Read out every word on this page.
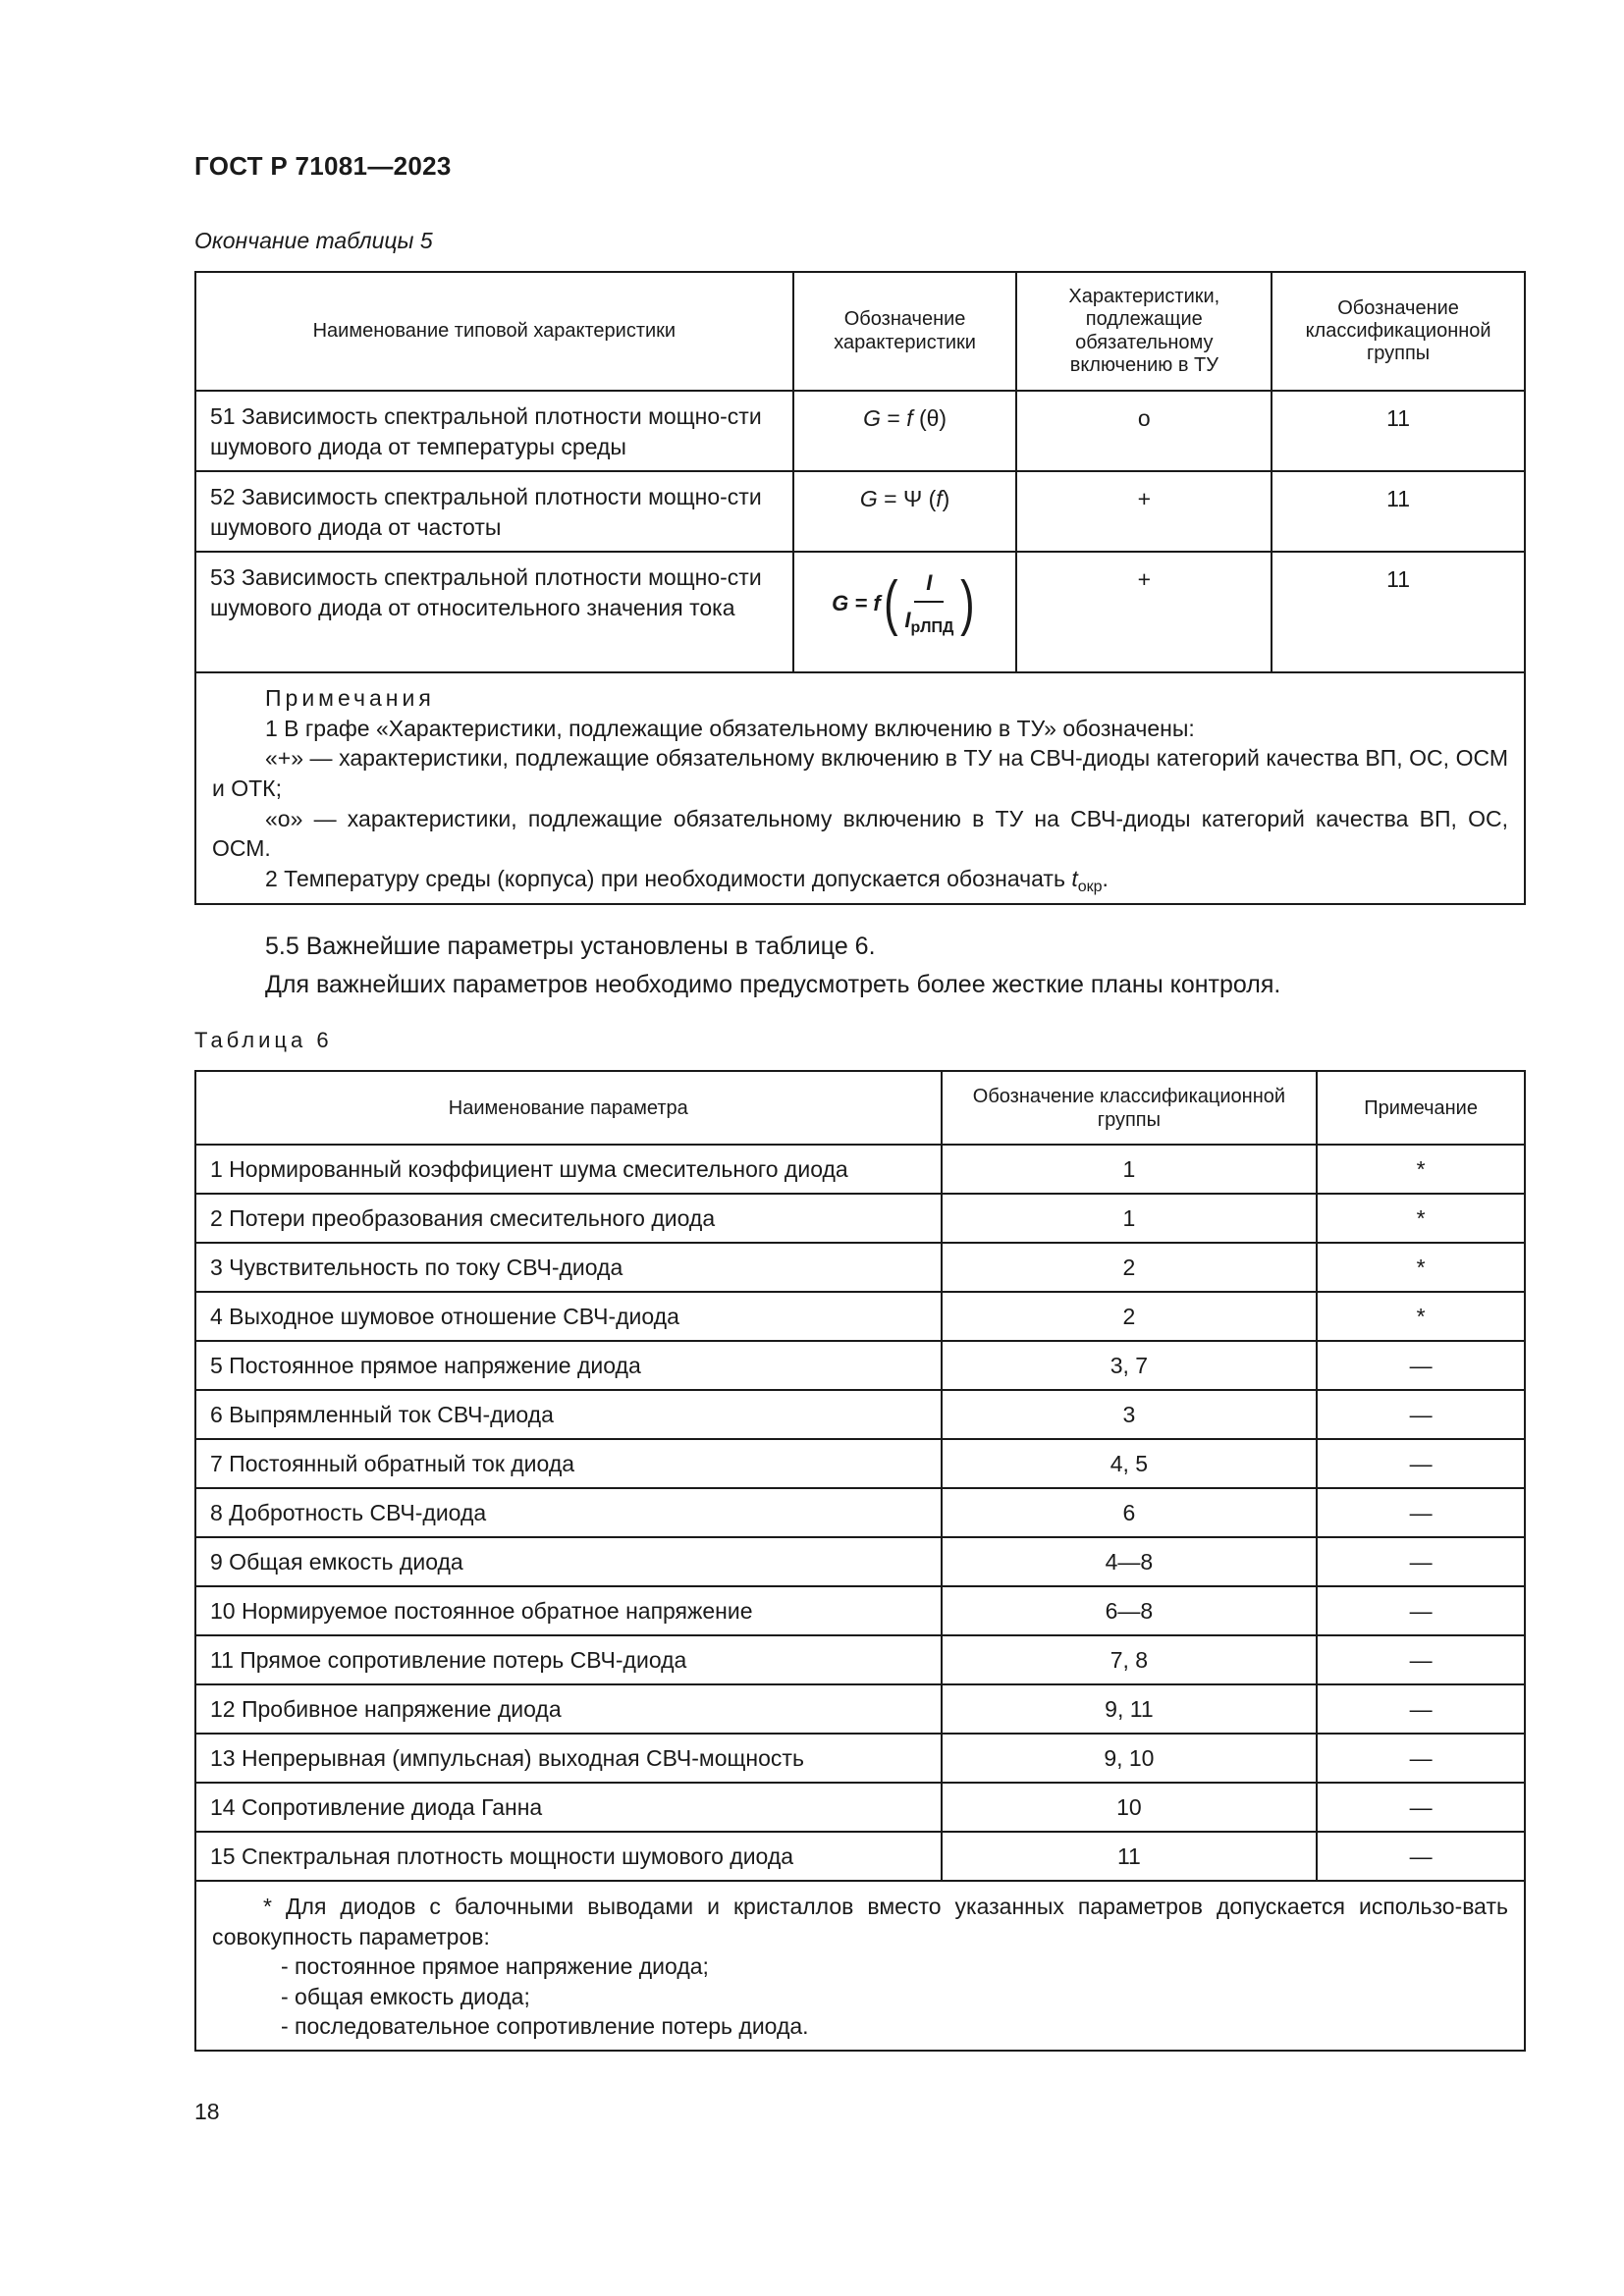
ГОСТ Р 71081—2023
Окончание таблицы 5
Наименование типовой характеристики	Обозначение характеристики	Характеристики, подлежащие обязательному включению в ТУ	Обозначение классификационной группы
51 Зависимость спектральной плотности мощно-сти шумового диода от температуры среды	G = f (θ)	о	11
52 Зависимость спектральной плотности мощно-сти шумового диода от частоты	G = Ψ (f)	+	11
53 Зависимость спектральной плотности мощно-сти шумового диода от относительного значения тока	G = f ( $\frac{I}{I_{рЛПД}}$ )	+	11

Примечания
1 В графе «Характеристики, подлежащие обязательному включению в ТУ» обозначены:
«+» — характеристики, подлежащие обязательному включению в ТУ на СВЧ-диоды категорий качества ВП, ОС, ОСМ и ОТК;
«о» — характеристики, подлежащие обязательному включению в ТУ на СВЧ-диоды категорий качества ВП, ОС, ОСМ.
2 Температуру среды (корпуса) при необходимости допускается обозначать $t_{окр}$.			
5.5 Важнейшие параметры установлены в таблице 6.
Для важнейших параметров необходимо предусмотреть более жесткие планы контроля.
Таблица 6
Наименование параметра	Обозначение классификационной группы	Примечание
1 Нормированный коэффициент шума смесительного диода	1	*
2 Потери преобразования смесительного диода	1	*
3 Чувствительность по току СВЧ-диода	2	*
4 Выходное шумовое отношение СВЧ-диода	2	*
5 Постоянное прямое напряжение диода	3, 7	—
6 Выпрямленный ток СВЧ-диода	3	—
7 Постоянный обратный ток диода	4, 5	—
8 Добротность СВЧ-диода	6	—
9 Общая емкость диода	4—8	—
10 Нормируемое постоянное обратное напряжение	6—8	—
11 Прямое сопротивление потерь СВЧ-диода	7, 8	—
12 Пробивное напряжение диода	9, 11	—
13 Непрерывная (импульсная) выходная СВЧ-мощность	9, 10	—
14 Сопротивление диода Ганна	10	—
15 Спектральная плотность мощности шумового диода	11	—

* Для диодов с балочными выводами и кристаллов вместо указанных параметров допускается использо-вать совокупность параметров:
- постоянное прямое напряжение диода;
- общая емкость диода;
- последовательное сопротивление потерь диода.		
18
